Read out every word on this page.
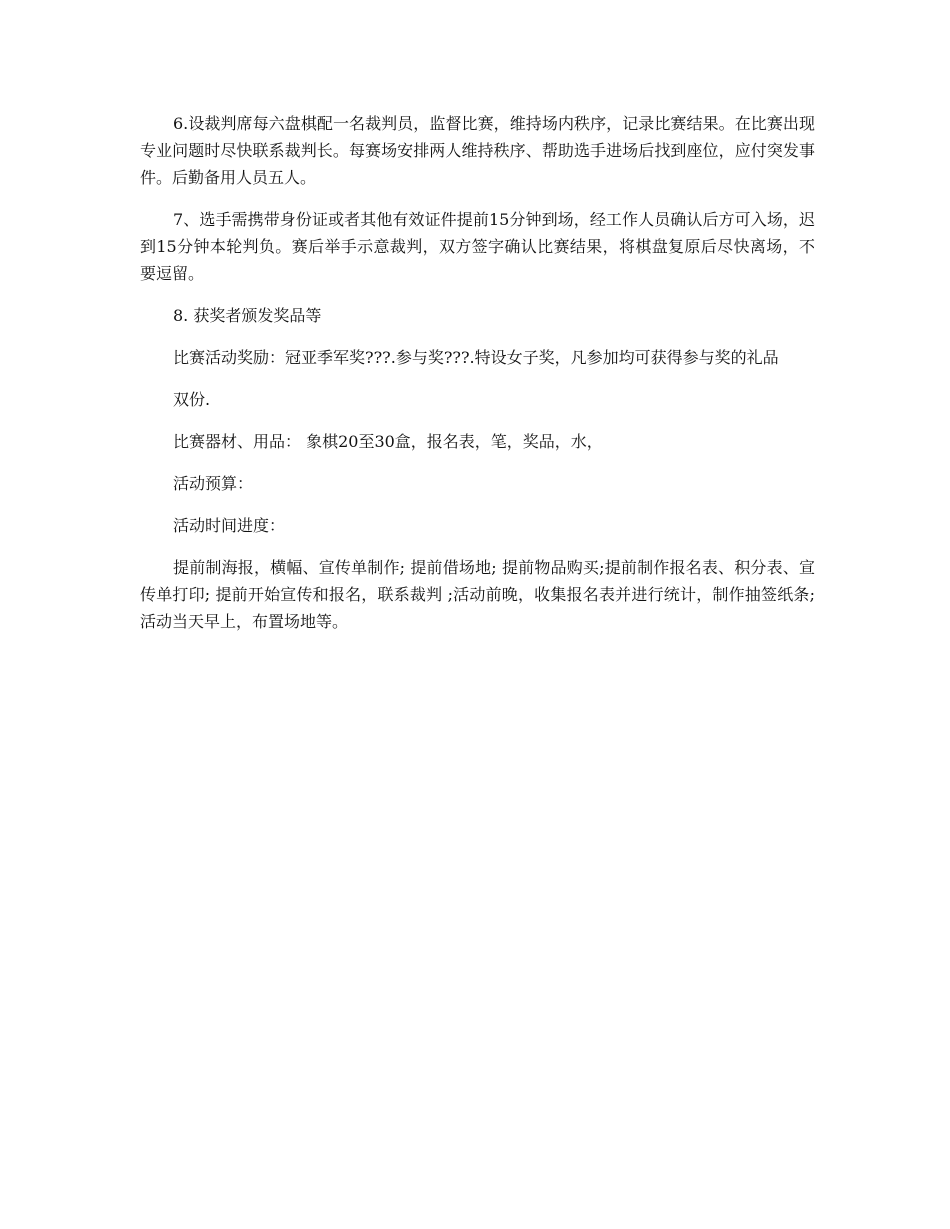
6.设裁判席每六盘棋配一名裁判员，监督比赛，维持场内秩序，记录比赛结果。在比赛出现专业问题时尽快联系裁判长。每赛场安排两人维持秩序、帮助选手进场后找到座位，应付突发事件。后勤备用人员五人。

7、选手需携带身份证或者其他有效证件提前15分钟到场，经工作人员确认后方可入场，迟到15分钟本轮判负。赛后举手示意裁判，双方签字确认比赛结果，将棋盘复原后尽快离场，不要逗留。

8. 获奖者颁发奖品等

比赛活动奖励：冠亚季军奖???.参与奖???.特设女子奖，凡参加均可获得参与奖的礼品

双份.

比赛器材、用品： 象棋20至30盒，报名表，笔，奖品，水，

活动预算：

活动时间进度：

提前制海报，横幅、宣传单制作; 提前借场地; 提前物品购买;提前制作报名表、积分表、宣传单打印; 提前开始宣传和报名，联系裁判 ;活动前晚，收集报名表并进行统计，制作抽签纸条;活动当天早上，布置场地等。
